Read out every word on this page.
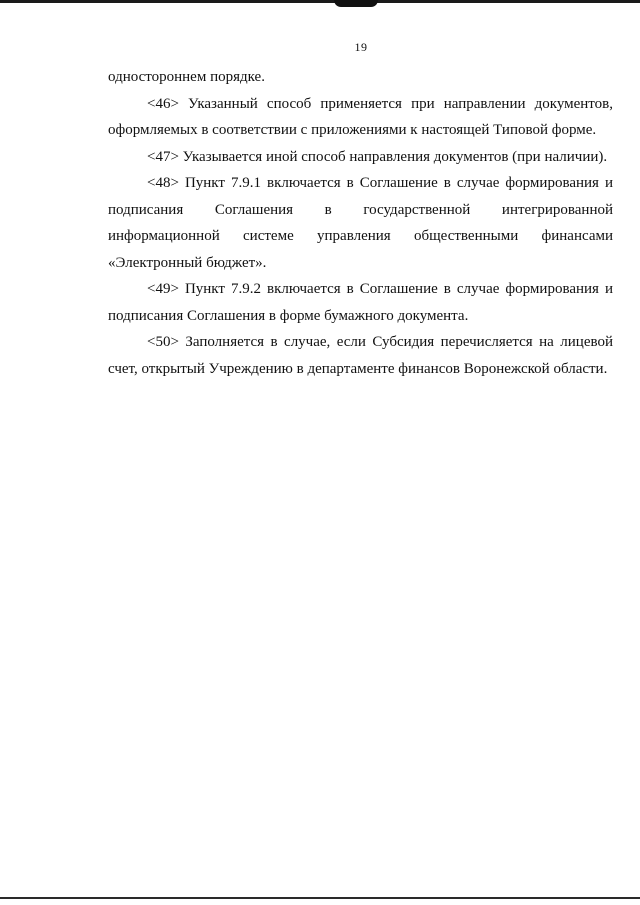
19

одностороннем порядке.

<46> Указанный способ применяется при направлении документов, оформляемых в соответствии с приложениями к настоящей Типовой форме.

<47> Указывается иной способ направления документов (при наличии).

<48> Пункт 7.9.1 включается в Соглашение в случае формирования и подписания Соглашения в государственной интегрированной информационной системе управления общественными финансами «Электронный бюджет».

<49> Пункт 7.9.2 включается в Соглашение в случае формирования и подписания Соглашения в форме бумажного документа.

<50> Заполняется в случае, если Субсидия перечисляется на лицевой счет, открытый Учреждению в департаменте финансов Воронежской области.
